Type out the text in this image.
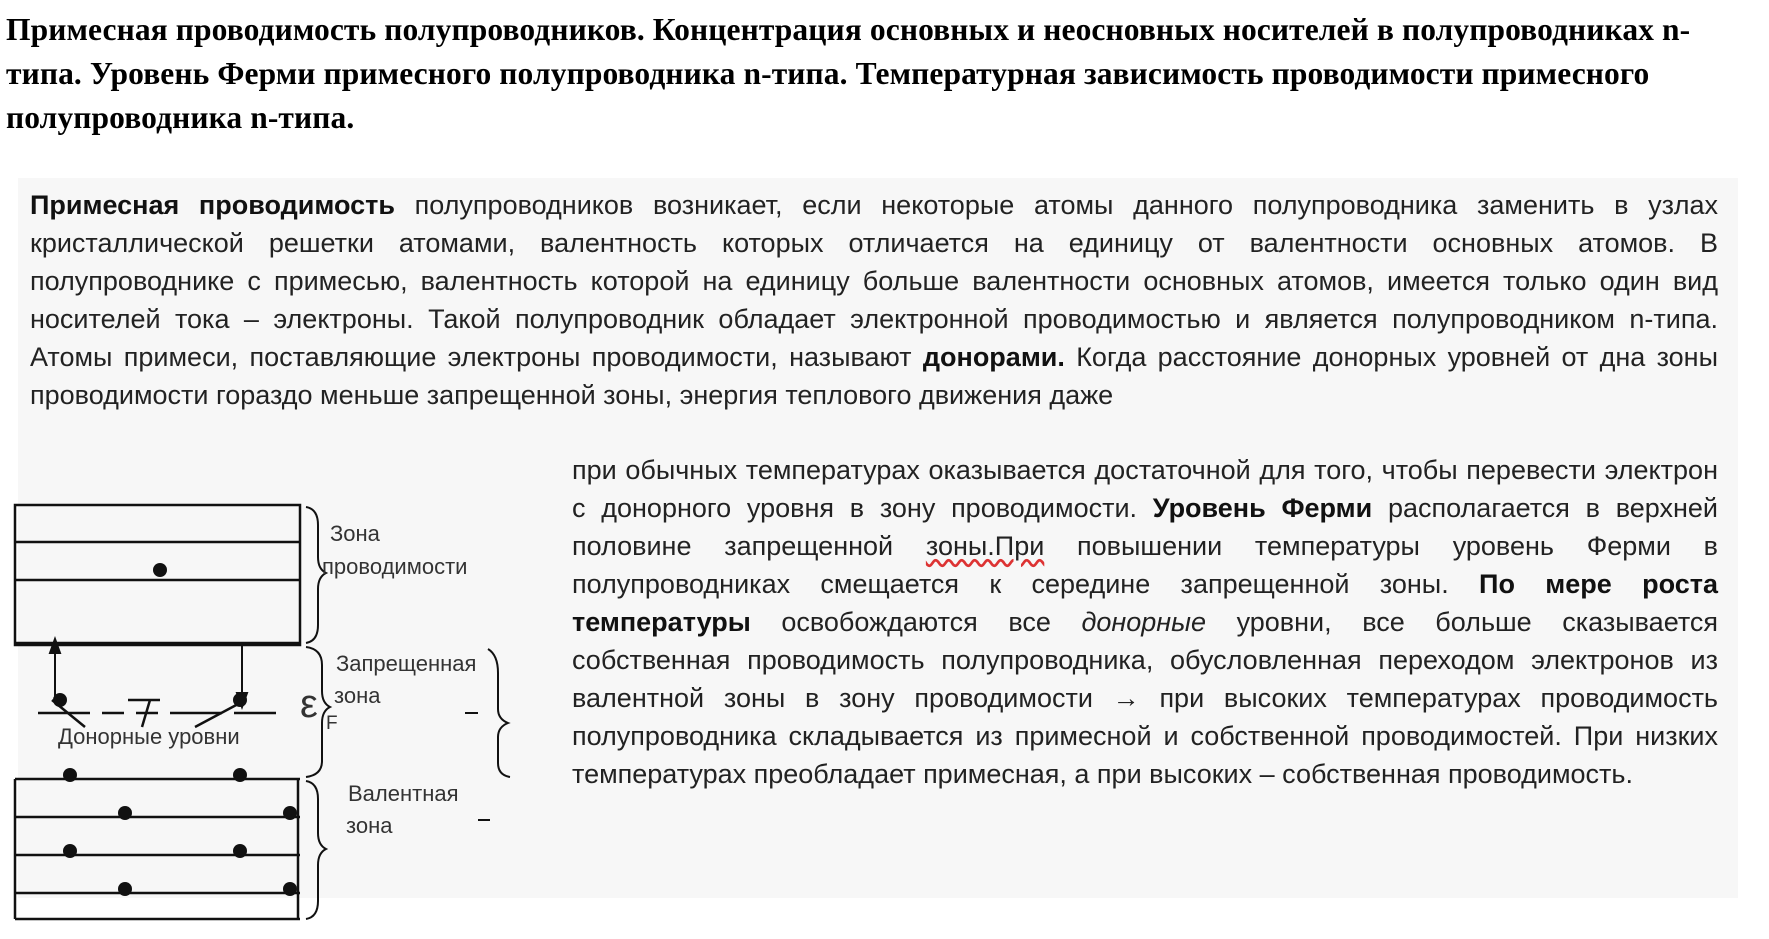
Примесная проводимость полупроводников. Концентрация основных и неосновных носителей в полупроводниках n-типа. Уровень Ферми примесного полупроводника n-типа. Температурная зависимость проводимости примесного полупроводника n-типа.

Примесная проводимость полупроводников возникает, если некоторые атомы данного полупроводника заменить в узлах кристаллической решетки атомами, валентность которых отличается на единицу от валентности основных атомов. В полупроводнике с примесью, валентность которой на единицу больше валентности основных атомов, имеется только один вид носителей тока – электроны. Такой полупроводник обладает электронной проводимостью и является полупроводником n-типа. Атомы примеси, поставляющие электроны проводимости, называют донорами. Когда расстояние донорных уровней от дна зоны проводимости гораздо меньше запрещенной зоны, энергия теплового движения даже

при обычных температурах оказывается достаточной для того, чтобы перевести электрон с донорного уровня в зону проводимости. Уровень Ферми располагается в верхней половине запрещенной зоны.При повышении температуры уровень Ферми в полупроводниках смещается к середине запрещенной зоны. По мере роста температуры освобождаются все донорные уровни, все больше сказывается собственная проводимость полупроводника, обусловленная переходом электронов из валентной зоны в зону проводимости → при высоких температурах проводимость полупроводника складывается из примесной и собственной проводимостей. При низких температурах преобладает примесная, а при высоких – собственная проводимость.

Зона
проводимости
Запрещенная
зона
ε F
Донорные уровни
Валентная
зона
